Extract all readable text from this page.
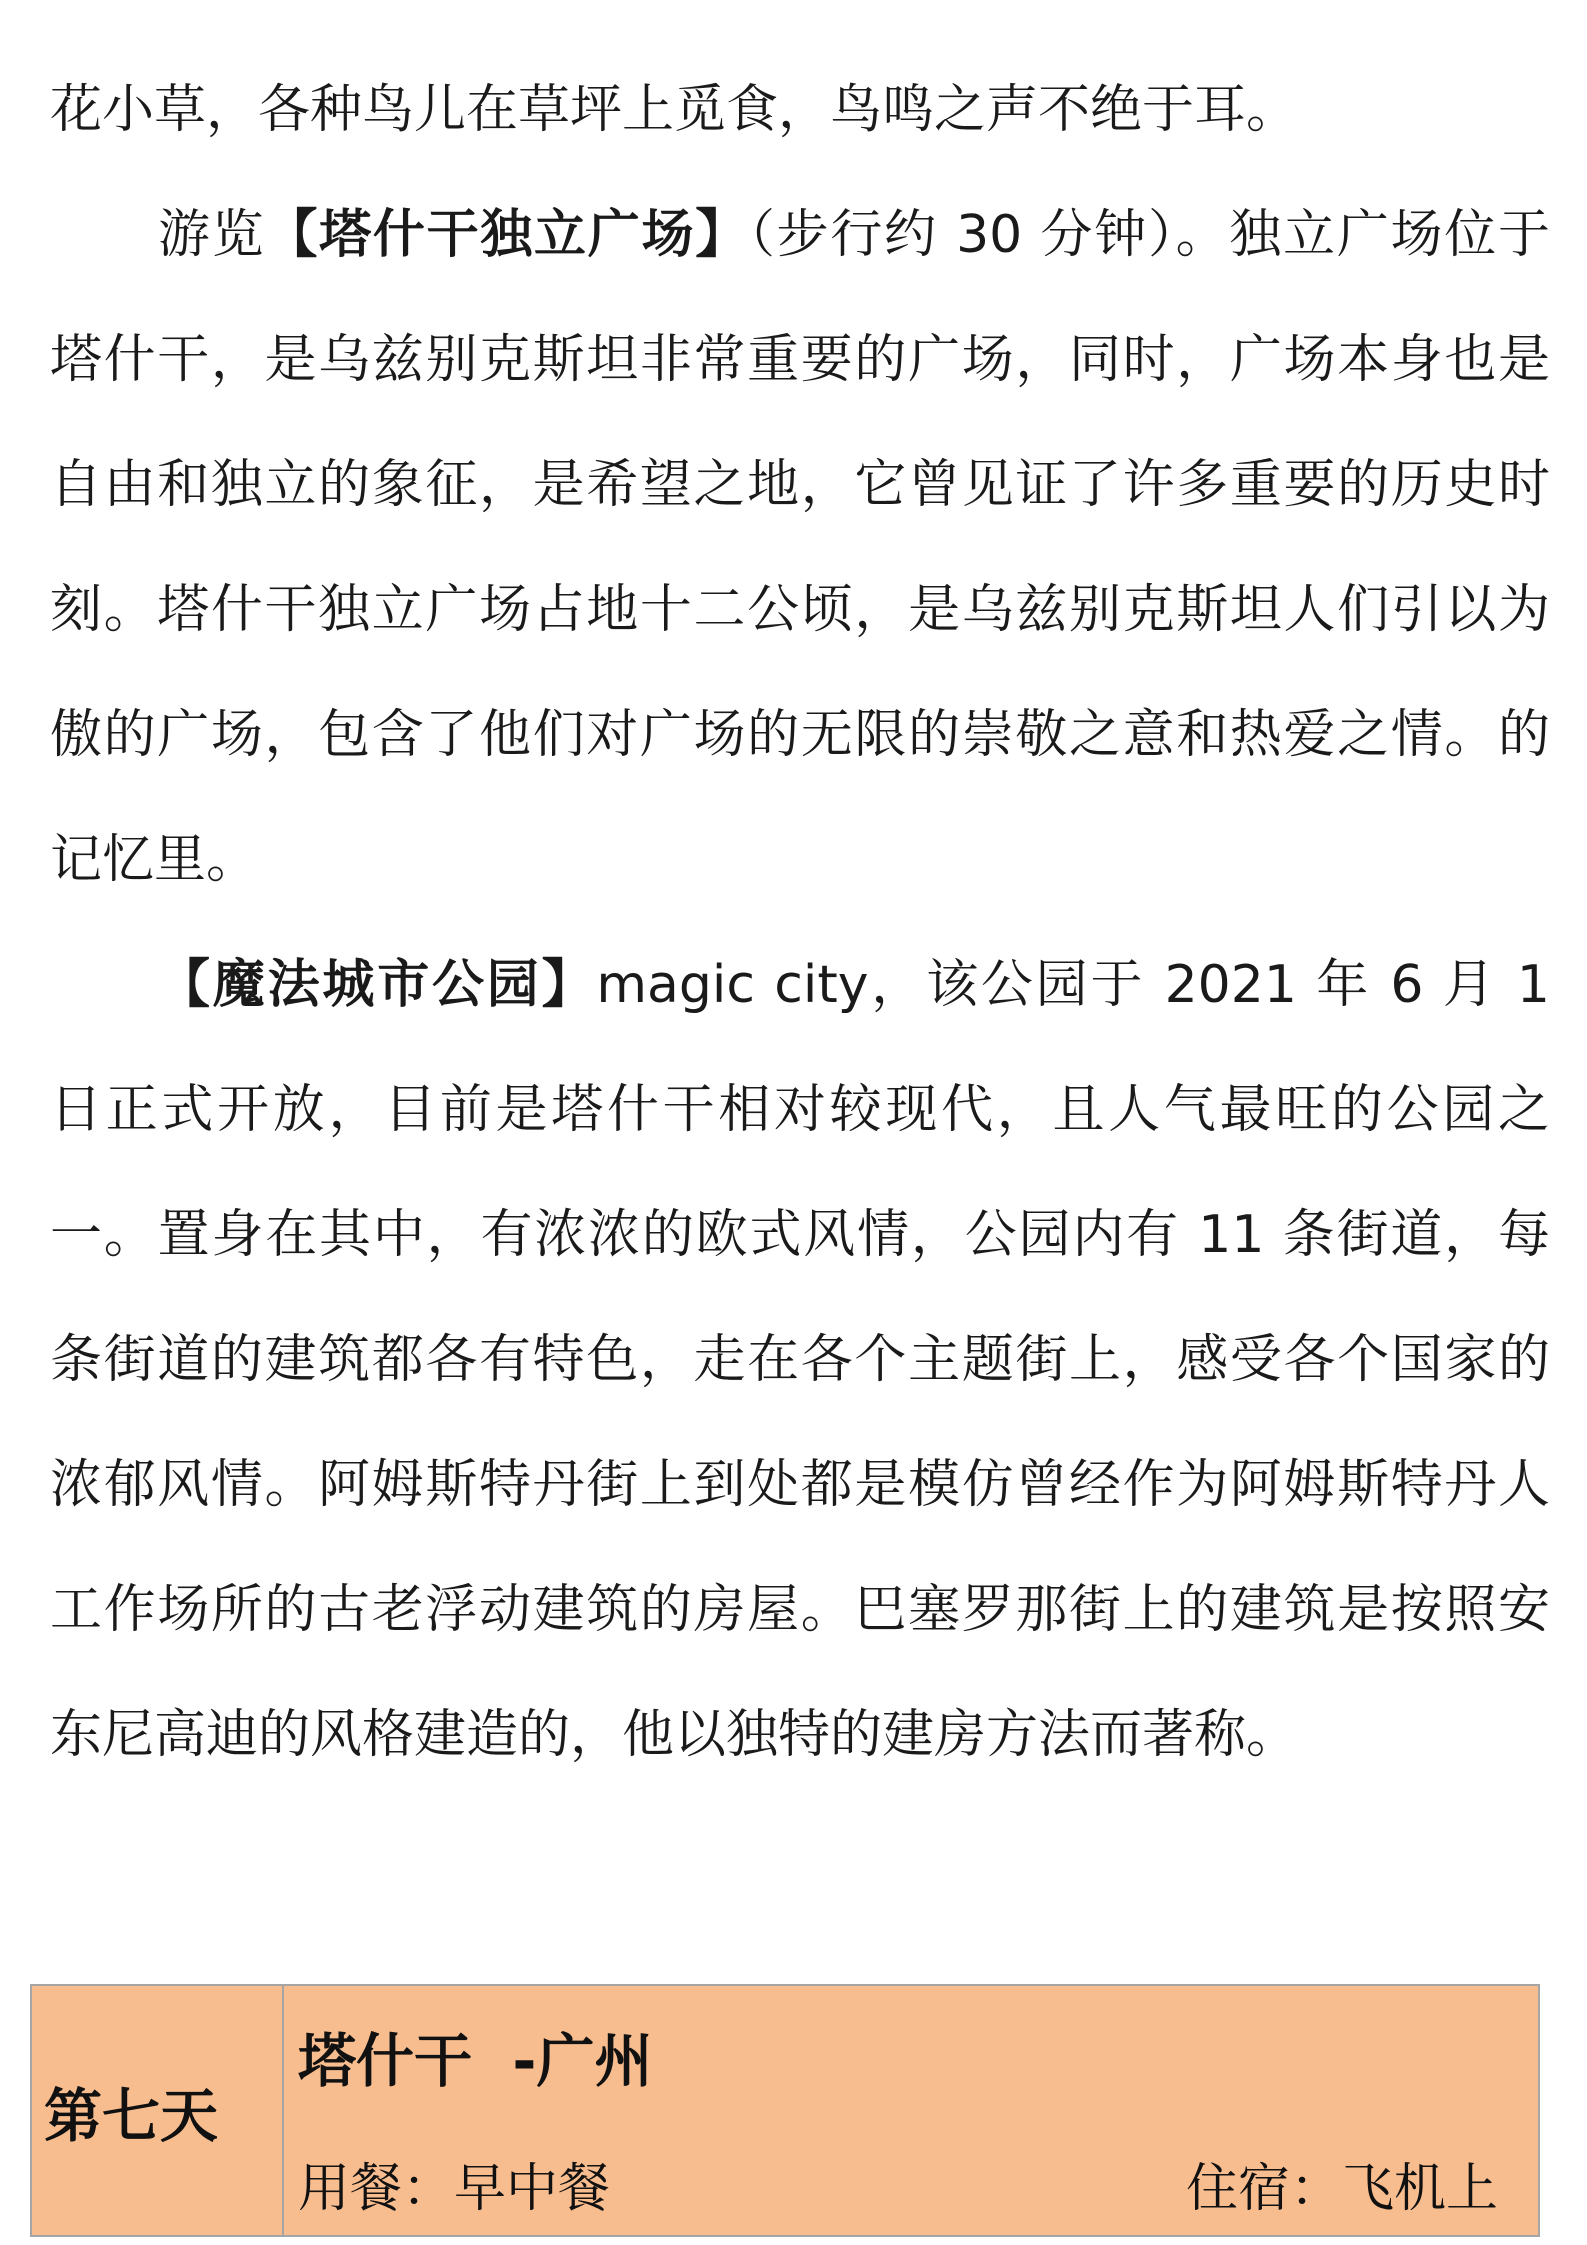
花小草，各种鸟儿在草坪上觅食，鸟鸣之声不绝于耳。

游览【塔什干独立广场】（步行约 30 分钟）。独立广场位于塔什干，是乌兹别克斯坦非常重要的广场，同时，广场本身也是自由和独立的象征，是希望之地，它曾见证了许多重要的历史时刻。塔什干独立广场占地十二公顷，是乌兹别克斯坦人们引以为傲的广场，包含了他们对广场的无限的崇敬之意和热爱之情。的记忆里。

【魔法城市公园】magic city，该公园于 2021 年 6 月 1 日正式开放，目前是塔什干相对较现代，且人气最旺的公园之一。置身在其中，有浓浓的欧式风情，公园内有 11 条街道，每条街道的建筑都各有特色，走在各个主题街上，感受各个国家的浓郁风情。阿姆斯特丹街上到处都是模仿曾经作为阿姆斯特丹人工作场所的古老浮动建筑的房屋。巴塞罗那街上的建筑是按照安东尼高迪的风格建造的，他以独特的建房方法而著称。

第七天
塔什干  -广州
用餐：早中餐	住宿：飞机上
